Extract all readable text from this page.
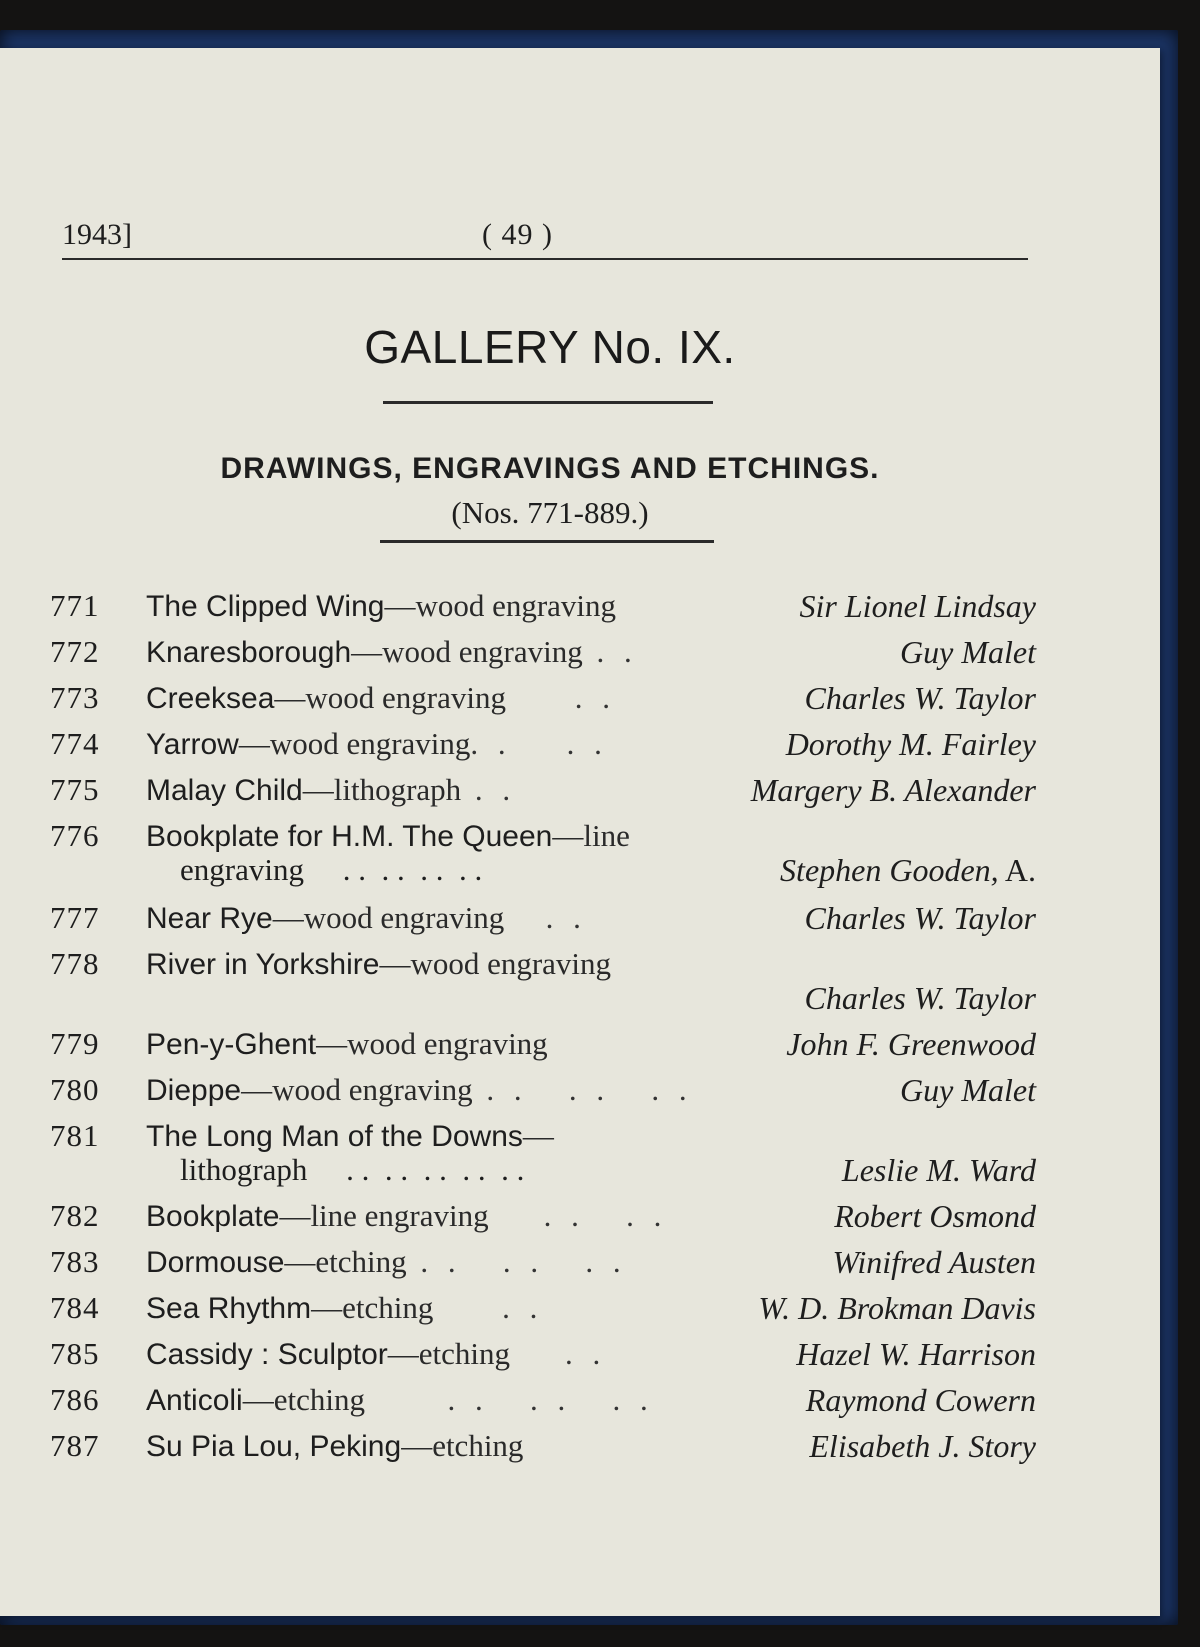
1943]	( 49 )
GALLERY No. IX.
DRAWINGS, ENGRAVINGS AND ETCHINGS.
(Nos. 771-889.)
771	The Clipped Wing—wood engraving	Sir Lionel Lindsay
772	Knaresborough—wood engraving . .	Guy Malet
773	Creeksea—wood engraving     . .	Charles W. Taylor
774	Yarrow—wood engraving. .    . .	Dorothy M. Fairley
775	Malay Child—lithograph . .	Margery B. Alexander
776	Bookplate for H.M. The Queen—line
engraving     . .  . .  . .  . .	Stephen Gooden, A.
777	Near Rye—wood engraving   . .	Charles W. Taylor
778	River in Yorkshire—wood engraving
Charles W. Taylor
779	Pen-y-Ghent—wood engraving	John F. Greenwood
780	Dieppe—wood engraving . .   . .   . .	Guy Malet
781	The Long Man of the Downs—
lithograph     . .  . .  . .  . .  . .	Leslie M. Ward
782	Bookplate—line engraving    . .   . .	Robert Osmond
783	Dormouse—etching . .   . .   . .	Winifred Austen
784	Sea Rhythm—etching     . .	W. D. Brokman Davis
785	Cassidy : Sculptor—etching    . .	Hazel W. Harrison
786	Anticoli—etching      . .   . .   . .	Raymond Cowern
787	Su Pia Lou, Peking—etching	Elisabeth J. Story
